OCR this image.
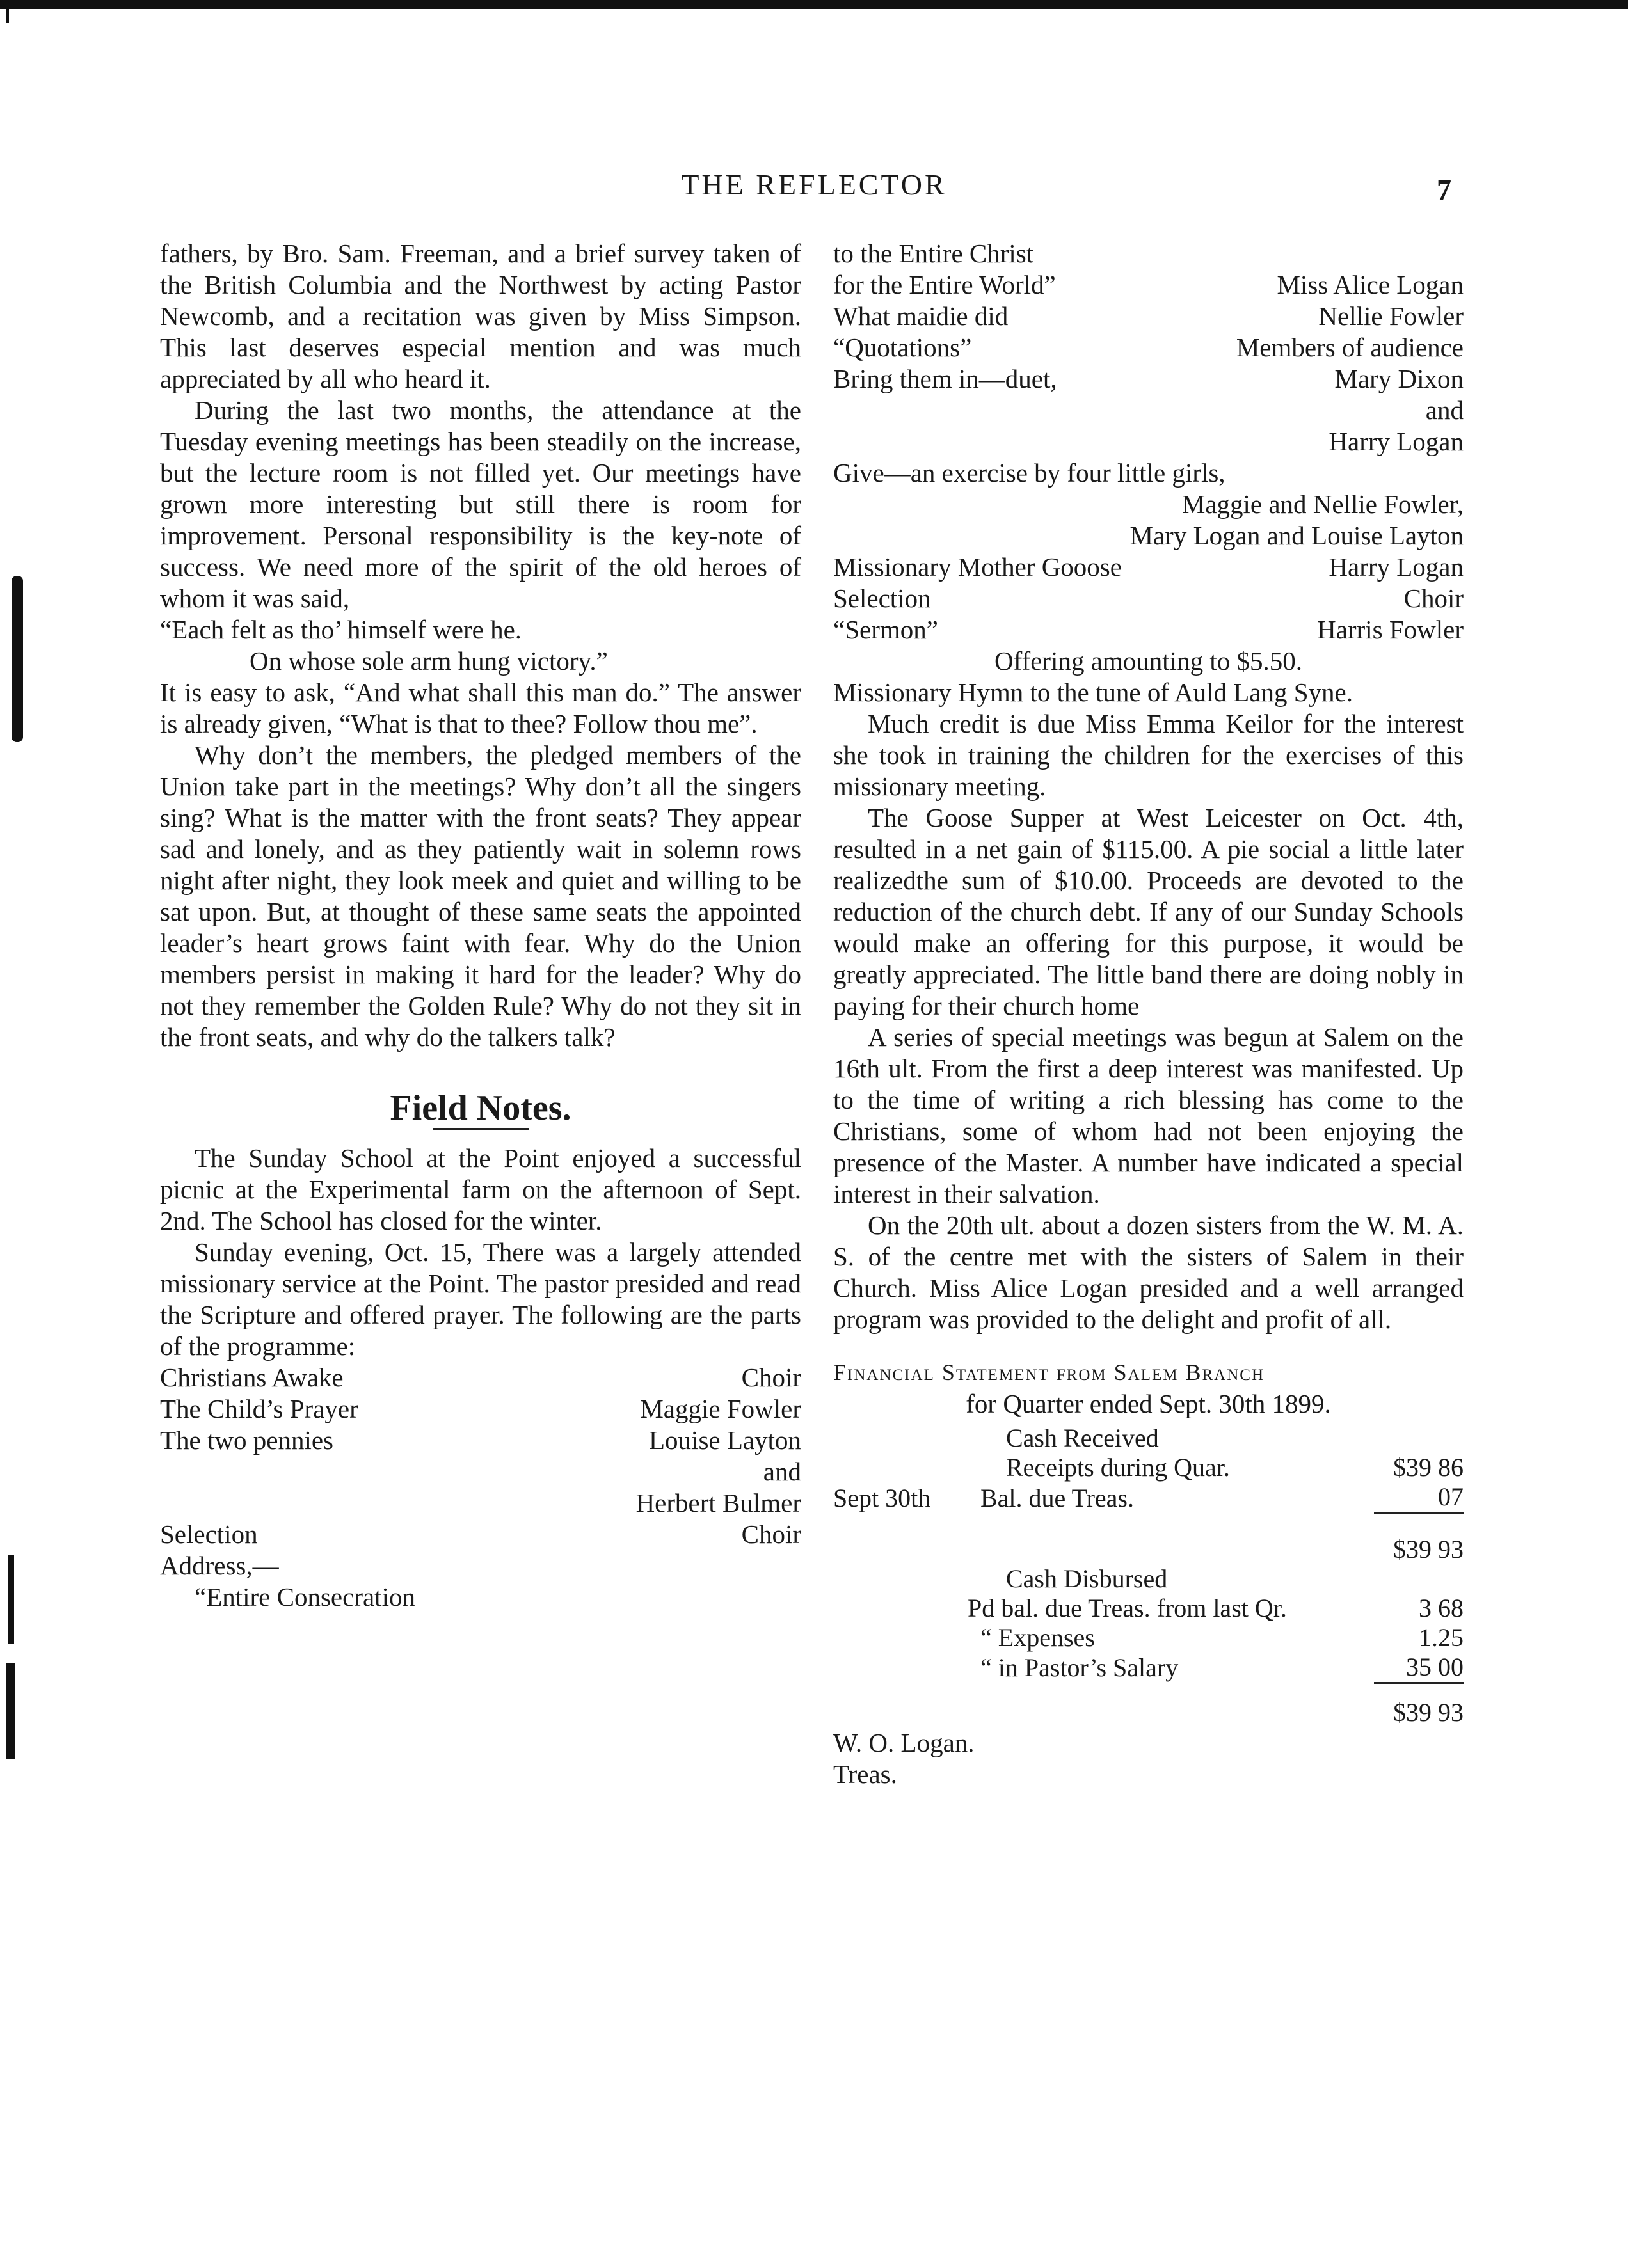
THE REFLECTOR	7

fathers, by Bro. Sam. Freeman, and a brief survey taken of the British Columbia and the Northwest by acting Pastor Newcomb, and a recitation was given by Miss Simpson. This last deserves especial mention and was much appreciated by all who heard it.

During the last two months, the attendance at the Tuesday evening meetings has been steadily on the increase, but the lecture room is not filled yet. Our meetings have grown more interesting but still there is room for improvement. Personal responsibility is the key-note of success. We need more of the spirit of the old heroes of whom it was said,

“Each felt as tho’ himself were he.

On whose sole arm hung victory.”

It is easy to ask, “And what shall this man do.” The answer is already given, “What is that to thee? Follow thou me”.

Why don’t the members, the pledged members of the Union take part in the meetings? Why don’t all the singers sing? What is the matter with the front seats? They appear sad and lonely, and as they patiently wait in solemn rows night after night, they look meek and quiet and willing to be sat upon. But, at thought of these same seats the appointed leader’s heart grows faint with fear. Why do the Union members persist in making it hard for the leader? Why do not they remember the Golden Rule? Why do not they sit in the front seats, and why do the talkers talk?

Field Notes.

The Sunday School at the Point enjoyed a successful picnic at the Experimental farm on the afternoon of Sept. 2nd. The School has closed for the winter.

Sunday evening, Oct. 15, There was a largely attended missionary service at the Point. The pastor presided and read the Scripture and offered prayer. The following are the parts of the programme:

Christians Awake	Choir
The Child’s Prayer	Maggie Fowler
The two pennies	Louise Layton

and

Herbert Bulmer

Selection	Choir

Address,—

“Entire Consecration

to the Entire Christ

for the Entire World”	Miss Alice Logan
What maidie did	Nellie Fowler
“Quotations”	Members of audience
Bring them in—duet,	Mary Dixon

and

Harry Logan

Give—an exercise by four little girls,

Maggie and Nellie Fowler,

Mary Logan and Louise Layton

Missionary Mother Gooose	Harry Logan
Selection	Choir
“Sermon”	Harris Fowler

Offering amounting to $5.50.

Missionary Hymn to the tune of Auld Lang Syne.

Much credit is due Miss Emma Keilor for the interest she took in training the children for the exercises of this missionary meeting.

The Goose Supper at West Leicester on Oct. 4th, resulted in a net gain of $115.00. A pie social a little later realizedthe sum of $10.00. Proceeds are devoted to the reduction of the church debt. If any of our Sunday Schools would make an offering for this purpose, it would be greatly appreciated. The little band there are doing nobly in paying for their church home

A series of special meetings was begun at Salem on the 16th ult. From the first a deep interest was manifested. Up to the time of writing a rich blessing has come to the Christians, some of whom had not been enjoying the presence of the Master. A number have indicated a special interest in their salvation.

On the 20th ult. about a dozen sisters from the W. M. A. S. of the centre met with the sisters of Salem in their Church. Miss Alice Logan presided and a well arranged program was provided to the delight and profit of all.

Financial Statement from Salem Branch

for Quarter ended Sept. 30th 1899.

	Cash Received	
	Receipts during Quar.	$39 86
Sept 30th	Bal. due Treas.	07
		$39 93
	Cash Disbursed	
	Pd bal. due Treas. from last Qr.	3 68
	“ Expenses	1.25
	“ in Pastor’s Salary	35 00
		$39 93

W. O. Logan.

Treas.
